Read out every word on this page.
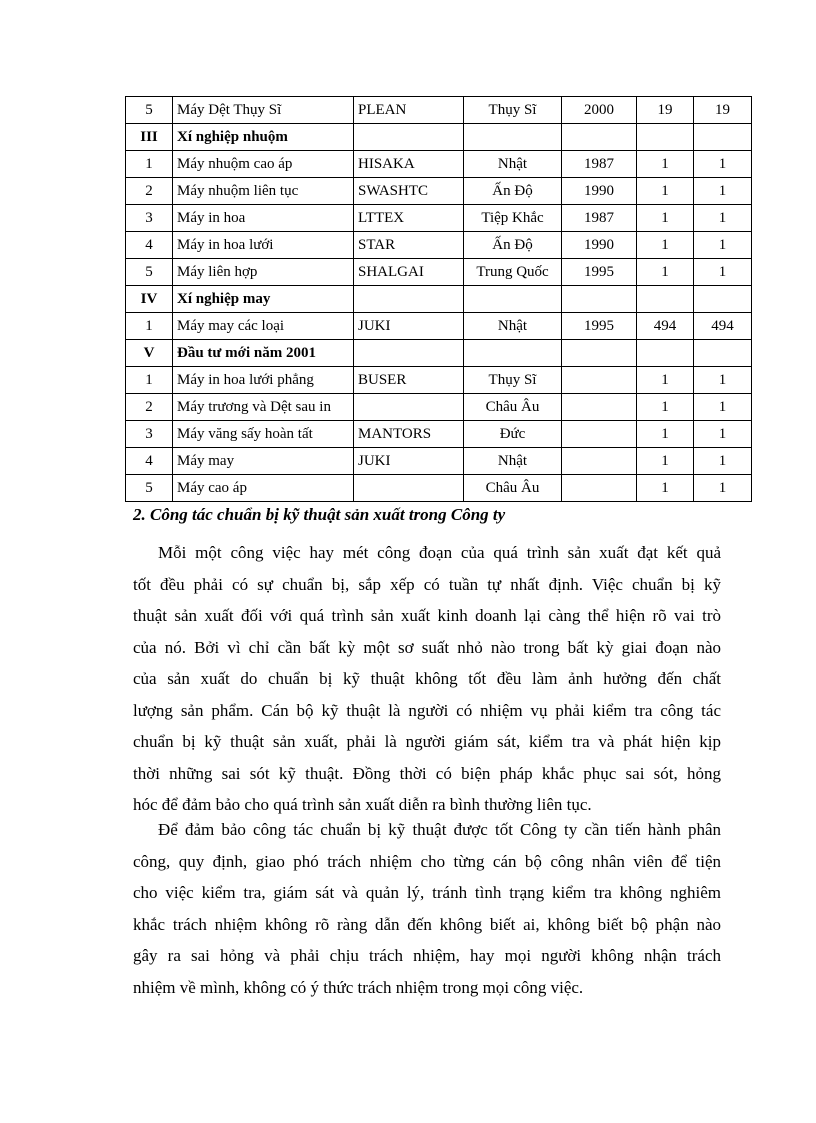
5	Máy Dệt Thụy Sĩ	PLEAN	Thụy Sĩ	2000	19	19
III	Xí nghiệp nhuộm					
1	Máy nhuộm cao áp	HISAKA	Nhật	1987	1	1
2	Máy nhuộm liên tục	SWASHTC	Ấn Độ	1990	1	1
3	Máy in hoa	LTTEX	Tiệp Khắc	1987	1	1
4	Máy in hoa lưới	STAR	Ấn Độ	1990	1	1
5	Máy liên hợp	SHALGAI	Trung Quốc	1995	1	1
IV	Xí nghiệp may					
1	Máy may các loại	JUKI	Nhật	1995	494	494
V	Đầu tư mới năm 2001					
1	Máy in hoa lưới phẳng	BUSER	Thụy Sĩ		1	1
2	Máy trương và Dệt sau in		Châu Âu		1	1
3	Máy văng sấy hoàn tất	MANTORS	Đức		1	1
4	Máy may	JUKI	Nhật		1	1
5	Máy cao áp		Châu Âu		1	1
2. Công tác chuẩn bị kỹ thuật sản xuất trong Công ty
Mỗi một công việc hay mét công đoạn của quá trình sản xuất đạt kết quả
tốt đều phải có sự chuẩn bị, sắp xếp có tuần tự nhất định. Việc chuẩn bị kỹ
thuật sản xuất đối với quá trình sản xuất kinh doanh lại càng thể hiện rõ vai trò
của nó. Bởi vì chỉ cần bất kỳ một sơ suất nhỏ nào trong bất kỳ giai đoạn nào
của sản xuất do chuẩn bị kỹ thuật không tốt đều làm ảnh hưởng đến chất
lượng sản phẩm. Cán bộ kỹ thuật là người có nhiệm vụ phải kiểm tra công tác
chuẩn bị kỹ thuật sản xuất, phải là người giám sát, kiểm tra và phát hiện kịp
thời những sai sót kỹ thuật. Đồng thời có biện pháp khắc phục sai sót, hỏng
hóc để đảm bảo cho quá trình sản xuất diễn ra bình thường liên tục.
Để đảm bảo công tác chuẩn bị kỹ thuật được tốt Công ty cần tiến hành phân
công, quy định, giao phó trách nhiệm cho từng cán bộ công nhân viên để tiện
cho việc kiểm tra, giám sát và quản lý, tránh tình trạng kiểm tra không nghiêm
khắc trách nhiệm không rõ ràng dẫn đến không biết ai, không biết bộ phận nào
gây ra sai hỏng và phải chịu trách nhiệm, hay mọi người không nhận trách
nhiệm về mình, không có ý thức trách nhiệm trong mọi công việc.
